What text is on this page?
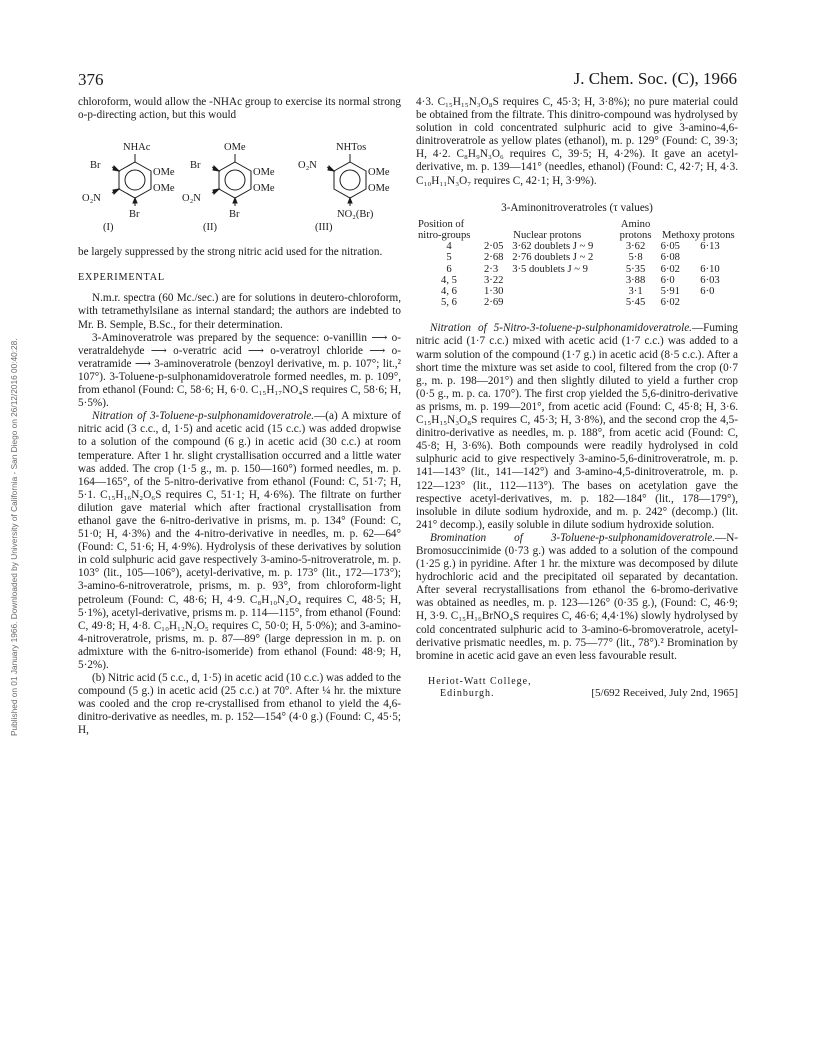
Published on 01 January 1966. Downloaded by University of California - San Diego on 26/12/2016 00:40:28.
376	J. Chem. Soc. (C), 1966

chloroform, would allow the -NHAc group to exercise its normal strong o-p-directing action, but this would

NHAc
OMe
OMe
Br
O₂N
Br
(I)
OMe
OMe
OMe
Br
O₂N
Br
(II)
NHTos
OMe
OMe
O₂N
NO₂(Br)
(III)

be largely suppressed by the strong nitric acid used for the nitration.

EXPERIMENTAL

N.m.r. spectra (60 Mc./sec.) are for solutions in deutero-chloroform, with tetramethylsilane as internal standard; the authors are indebted to Mr. B. Semple, B.Sc., for their determination.

3-Aminoveratrole was prepared by the sequence: o-vanillin ⟶ o-veratraldehyde ⟶ o-veratric acid ⟶ o-veratroyl chloride ⟶ o-veratramide ⟶ 3-aminoveratrole (benzoyl derivative, m. p. 107°; lit.,² 107°). 3-Toluene-p-sulphonamidoveratrole formed needles, m. p. 109°, from ethanol (Found: C, 58·6; H, 6·0. C₁₅H₁₇NO₄S requires C, 58·6; H, 5·5%).

Nitration of 3-Toluene-p-sulphonamidoveratrole.—(a) A mixture of nitric acid (3 c.c., d, 1·5) and acetic acid (15 c.c.) was added dropwise to a solution of the compound (6 g.) in acetic acid (30 c.c.) at room temperature. After 1 hr. slight crystallisation occurred and a little water was added. The crop (1·5 g., m. p. 150—160°) formed needles, m. p. 164—165°, of the 5-nitro-derivative from ethanol (Found: C, 51·7; H, 5·1. C₁₅H₁₆N₂O₆S requires C, 51·1; H, 4·6%). The filtrate on further dilution gave material which after fractional crystallisation from ethanol gave the 6-nitro-derivative in prisms, m. p. 134° (Found: C, 51·0; H, 4·3%) and the 4-nitro-derivative in needles, m. p. 62—64° (Found: C, 51·6; H, 4·9%). Hydrolysis of these derivatives by solution in cold sulphuric acid gave respectively 3-amino-5-nitroveratrole, m. p. 103° (lit., 105—106°), acetyl-derivative, m. p. 173° (lit., 172—173°); 3-amino-6-nitroveratrole, prisms, m. p. 93°, from chloroform-light petroleum (Found: C, 48·6; H, 4·9. C₈H₁₀N₂O₄ requires C, 48·5; H, 5·1%), acetyl-derivative, prisms m. p. 114—115°, from ethanol (Found: C, 49·8; H, 4·8. C₁₀H₁₂N₂O₅ requires C, 50·0; H, 5·0%); and 3-amino-4-nitroveratrole, prisms, m. p. 87—89° (large depression in m. p. on admixture with the 6-nitro-isomeride) from ethanol (Found: 48·9; H, 5·2%).

(b) Nitric acid (5 c.c., d, 1·5) in acetic acid (10 c.c.) was added to the compound (5 g.) in acetic acid (25 c.c.) at 70°. After ¼ hr. the mixture was cooled and the crop re-crystallised from ethanol to yield the 4,6-dinitro-derivative as needles, m. p. 152—154° (4·0 g.) (Found: C, 45·5; H,

4·3. C₁₅H₁₅N₃O₈S requires C, 45·3; H, 3·8%); no pure material could be obtained from the filtrate. This dinitro-compound was hydrolysed by solution in cold concentrated sulphuric acid to give 3-amino-4,6-dinitroveratrole as yellow plates (ethanol), m. p. 129° (Found: C, 39·3; H, 4·2. C₈H₉N₃O₆ requires C, 39·5; H, 4·2%). It gave an acetyl-derivative, m. p. 139—141° (needles, ethanol) (Found: C, 42·7; H, 4·3. C₁₀H₁₁N₃O₇ requires C, 42·1; H, 3·9%).

3-Aminonitroveratroles (τ values)
Position of nitro-groups	Nuclear protons		Amino protons	Methoxy protons	
4	2·05	3·62 doublets J ~ 9	3·62	6·05	6·13
5	2·68	2·76 doublets J ~ 2	5·8	6·08	
6	2·3	3·5 doublets J ~ 9	5·35	6·02	6·10
4, 5	3·22		3·88	6·0	6·03
4, 6	1·30		3·1	5·91	6·0
5, 6	2·69		5·45	6·02	

Nitration of 5-Nitro-3-toluene-p-sulphonamidoveratrole.—Fuming nitric acid (1·7 c.c.) mixed with acetic acid (1·7 c.c.) was added to a warm solution of the compound (1·7 g.) in acetic acid (8·5 c.c.). After a short time the mixture was set aside to cool, filtered from the crop (0·7 g., m. p. 198—201°) and then slightly diluted to yield a further crop (0·5 g., m. p. ca. 170°). The first crop yielded the 5,6-dinitro-derivative as prisms, m. p. 199—201°, from acetic acid (Found: C, 45·8; H, 3·6. C₁₅H₁₅N₃O₈S requires C, 45·3; H, 3·8%), and the second crop the 4,5-dinitro-derivative as needles, m. p. 188°, from acetic acid (Found: C, 45·8; H, 3·6%). Both compounds were readily hydrolysed in cold sulphuric acid to give respectively 3-amino-5,6-dinitroveratrole, m. p. 141—143° (lit., 141—142°) and 3-amino-4,5-dinitroveratrole, m. p. 122—123° (lit., 112—113°). The bases on acetylation gave the respective acetyl-derivatives, m. p. 182—184° (lit., 178—179°), insoluble in dilute sodium hydroxide, and m. p. 242° (decomp.) (lit. 241° decomp.), easily soluble in dilute sodium hydroxide solution.

Bromination of 3-Toluene-p-sulphonamidoveratrole.—N-Bromosuccinimide (0·73 g.) was added to a solution of the compound (1·25 g.) in pyridine. After 1 hr. the mixture was decomposed by dilute hydrochloric acid and the precipitated oil separated by decantation. After several recrystallisations from ethanol the 6-bromo-derivative was obtained as needles, m. p. 123—126° (0·35 g.), (Found: C, 46·9; H, 3·9. C₁₅H₁₆BrNO₄S requires C, 46·6; 4,4·1%) slowly hydrolysed by cold concentrated sulphuric acid to 3-amino-6-bromoveratrole, acetyl-derivative prismatic needles, m. p. 75—77° (lit., 78°).² Bromination by bromine in acetic acid gave an even less favourable result.

Heriot-Watt College,
Edinburgh.	[5/692 Received, July 2nd, 1965]
